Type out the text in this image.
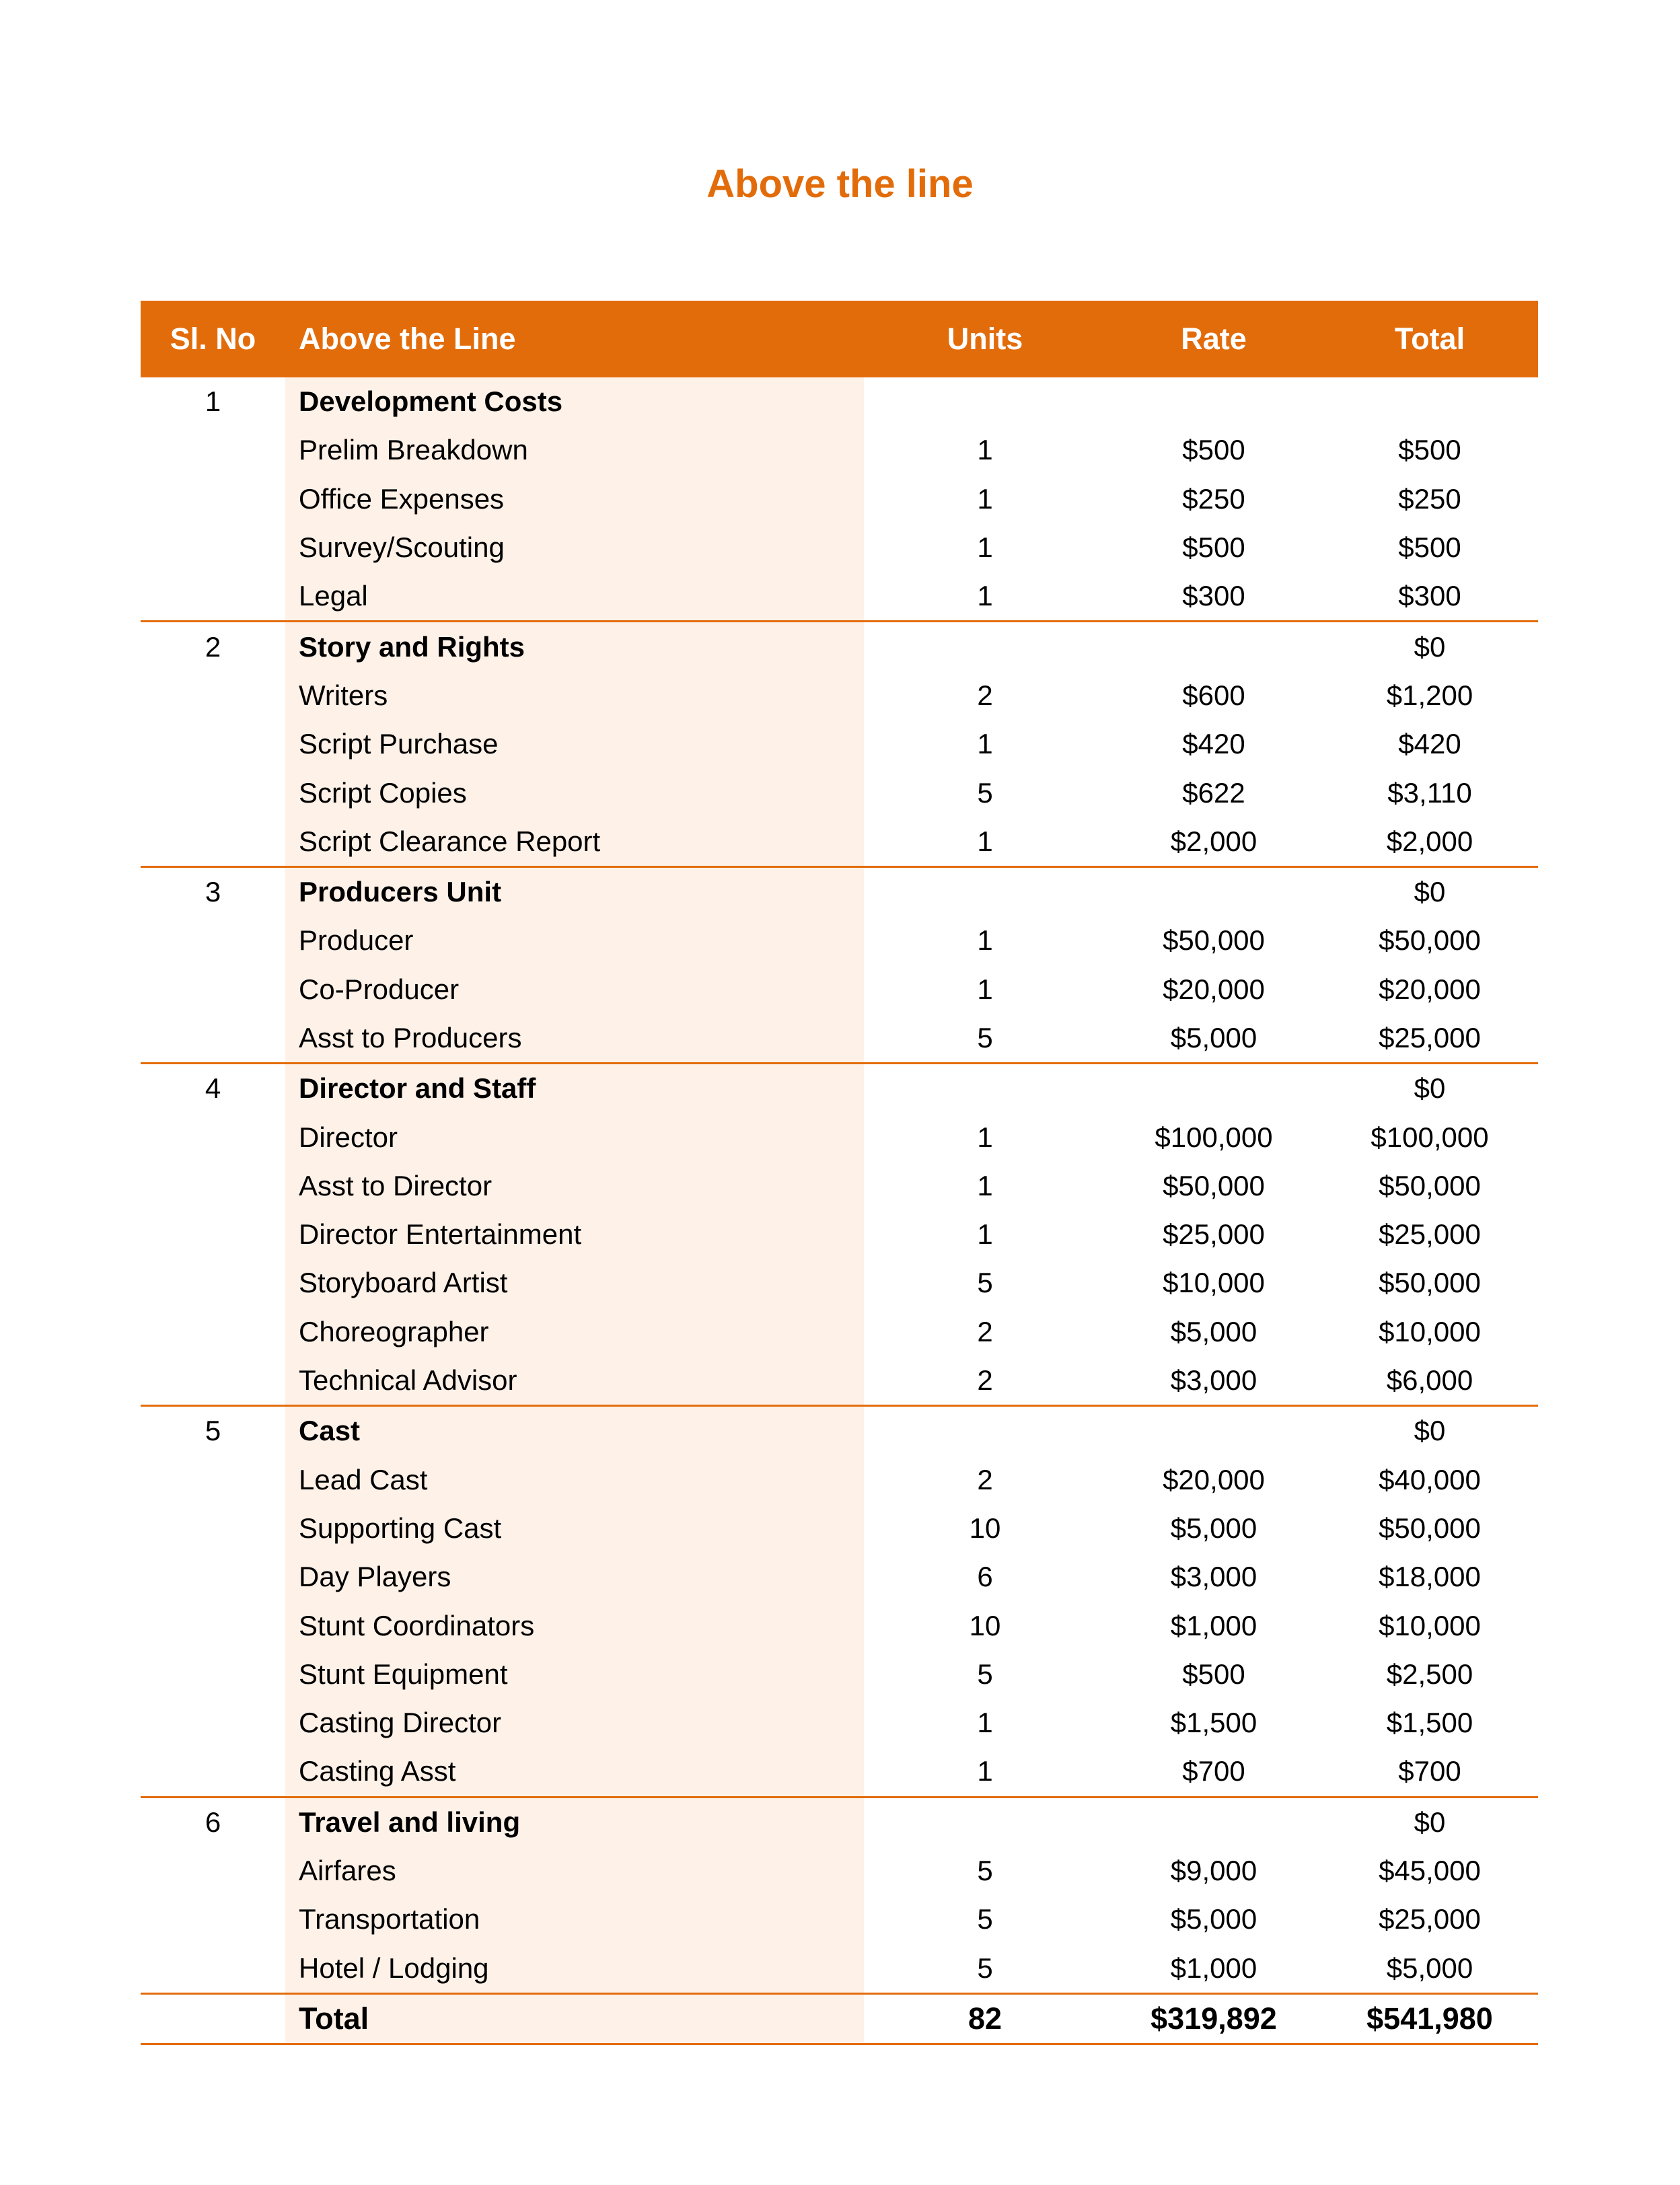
Above the line
Sl. No	Above the Line	Units	Rate	Total
1	Development Costs			
	Prelim Breakdown	1	$500	$500
	Office Expenses	1	$250	$250
	Survey/Scouting	1	$500	$500
	Legal	1	$300	$300
2	Story and Rights			$0
	Writers	2	$600	$1,200
	Script Purchase	1	$420	$420
	Script Copies	5	$622	$3,110
	Script Clearance Report	1	$2,000	$2,000
3	Producers Unit			$0
	Producer	1	$50,000	$50,000
	Co-Producer	1	$20,000	$20,000
	Asst to Producers	5	$5,000	$25,000
4	Director and Staff			$0
	Director	1	$100,000	$100,000
	Asst to Director	1	$50,000	$50,000
	Director Entertainment	1	$25,000	$25,000
	Storyboard Artist	5	$10,000	$50,000
	Choreographer	2	$5,000	$10,000
	Technical Advisor	2	$3,000	$6,000
5	Cast			$0
	Lead Cast	2	$20,000	$40,000
	Supporting Cast	10	$5,000	$50,000
	Day Players	6	$3,000	$18,000
	Stunt Coordinators	10	$1,000	$10,000
	Stunt Equipment	5	$500	$2,500
	Casting Director	1	$1,500	$1,500
	Casting Asst	1	$700	$700
6	Travel and living			$0
	Airfares	5	$9,000	$45,000
	Transportation	5	$5,000	$25,000
	Hotel / Lodging	5	$1,000	$5,000
	Total	82	$319,892	$541,980
